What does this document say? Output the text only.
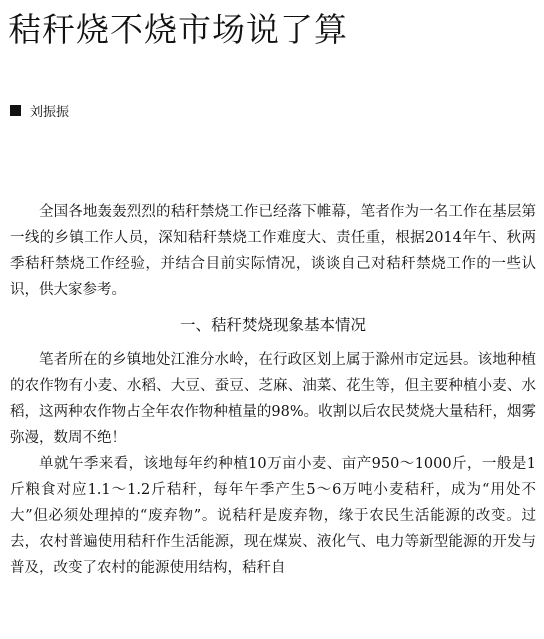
秸秆烧不烧市场说了算
刘振振

全国各地轰轰烈烈的秸秆禁烧工作已经落下帷幕，笔者作为一名工作在基层第一线的乡镇工作人员，深知秸秆禁烧工作难度大、责任重，根据2014年午、秋两季秸秆禁烧工作经验，并结合目前实际情况，谈谈自己对秸秆禁烧工作的一些认识，供大家参考。

一、秸秆焚烧现象基本情况

笔者所在的乡镇地处江淮分水岭，在行政区划上属于滁州市定远县。该地种植的农作物有小麦、水稻、大豆、蚕豆、芝麻、油菜、花生等，但主要种植小麦、水稻，这两种农作物占全年农作物种植量的98%。收割以后农民焚烧大量秸秆，烟雾弥漫，数周不绝！

单就午季来看，该地每年约种植10万亩小麦、亩产950～1000斤，一般是1斤粮食对应1.1～1.2斤秸秆，每年午季产生5～6万吨小麦秸秆，成为“用处不大”但必须处理掉的“废弃物”。说秸秆是废弃物，缘于农民生活能源的改变。过去，农村普遍使用秸秆作生活能源，现在煤炭、液化气、电力等新型能源的开发与普及，改变了农村的能源使用结构，秸秆自
